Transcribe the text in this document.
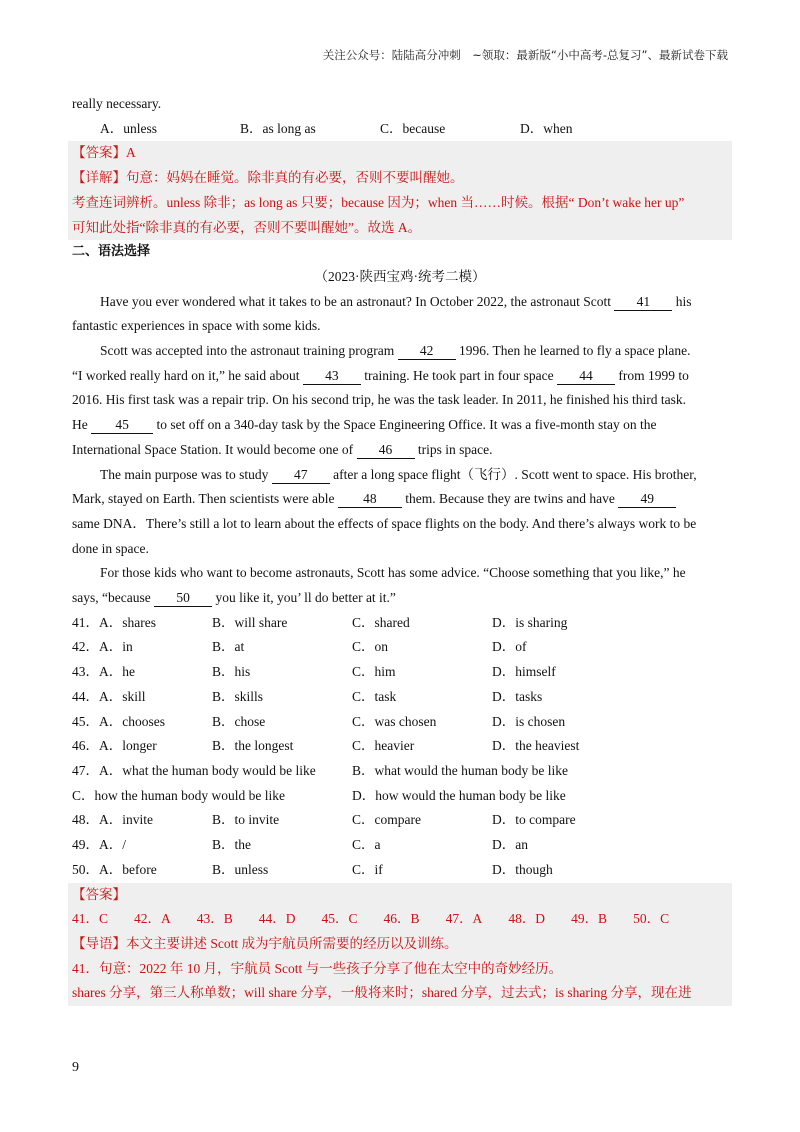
关注公众号：陆陆高分冲刺　~领取：最新版“小中高考-总复习”、最新试卷下载
really necessary.
A．unless	B．as long as	C．because	D．when
【答案】A
【详解】句意：妈妈在睡觉。除非真的有必要，否则不要叫醒她。
考查连词辨析。unless 除非；as long as 只要；because 因为；when 当……时候。根据“ Don’t wake her up”
可知此处指“除非真的有必要，否则不要叫醒她”。故选 A。
二、语法选择
（2023·陕西宝鸡·统考二模）
Have you ever wondered what it takes to be an astronaut? In October 2022, the astronaut Scott 41 his
fantastic experiences in space with some kids.
Scott was accepted into the astronaut training program 42 1996. Then he learned to fly a space plane.
“I worked really hard on it,” he said about 43 training. He took part in four space 44 from 1999 to
2016. His first task was a repair trip. On his second trip, he was the task leader. In 2011, he finished his third task.
He 45 to set off on a 340-day task by the Space Engineering Office. It was a five-month stay on the
International Space Station. It would become one of 46 trips in space.
The main purpose was to study 47 after a long space flight（飞行）. Scott went to space. His brother,
Mark, stayed on Earth. Then scientists were able 48 them. Because they are twins and have 49
same DNA．There’s still a lot to learn about the effects of space flights on the body. And there’s always work to be
done in space.
For those kids who want to become astronauts, Scott has some advice. “Choose something that you like,” he
says, “because 50 you like it, you’ ll do better at it.”
41．A．shares	B．will share	C．shared	D．is sharing
42．A．in	B．at	C．on	D．of
43．A．he	B．his	C．him	D．himself
44．A．skill	B．skills	C．task	D．tasks
45．A．chooses	B．chose	C．was chosen	D．is chosen
46．A．longer	B．the longest	C．heavier	D．the heaviest
47．A．what the human body would be like	B．what would the human body be like
C．how the human body would be like	D．how would the human body be like
48．A．invite	B．to invite	C．compare	D．to compare
49．A．/	B．the	C．a	D．an
50．A．before	B．unless	C．if	D．though
【答案】
41．C 42．A 43．B 44．D 45．C 46．B 47．A 48．D 49．B 50．C
【导语】本文主要讲述 Scott 成为宇航员所需要的经历以及训练。
41．句意：2022 年 10 月，宇航员 Scott 与一些孩子分享了他在太空中的奇妙经历。
shares 分享，第三人称单数；will share 分享，一般将来时；shared 分享，过去式；is sharing 分享，现在进
9
